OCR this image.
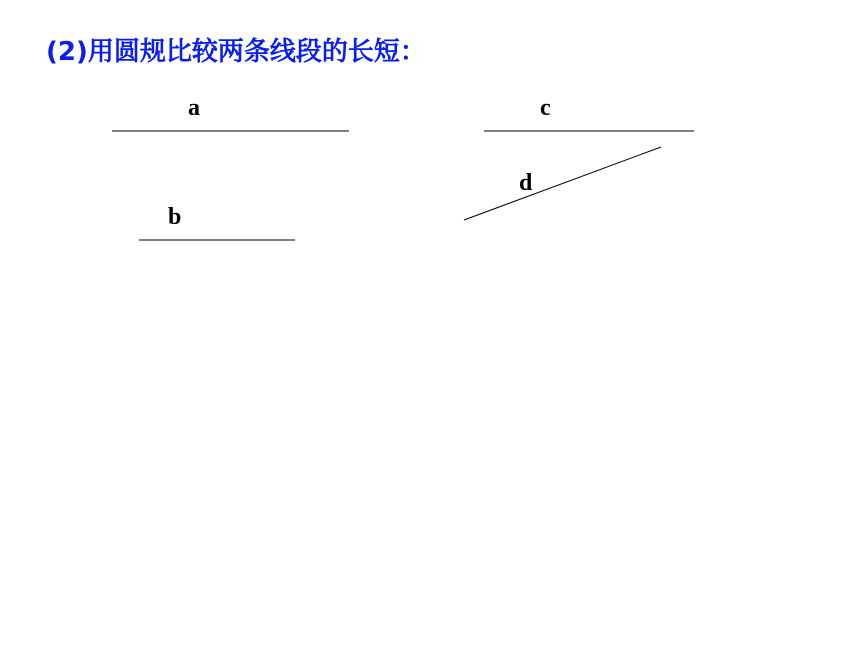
(2)用圆规比较两条线段的长短：
a
b
c
d
